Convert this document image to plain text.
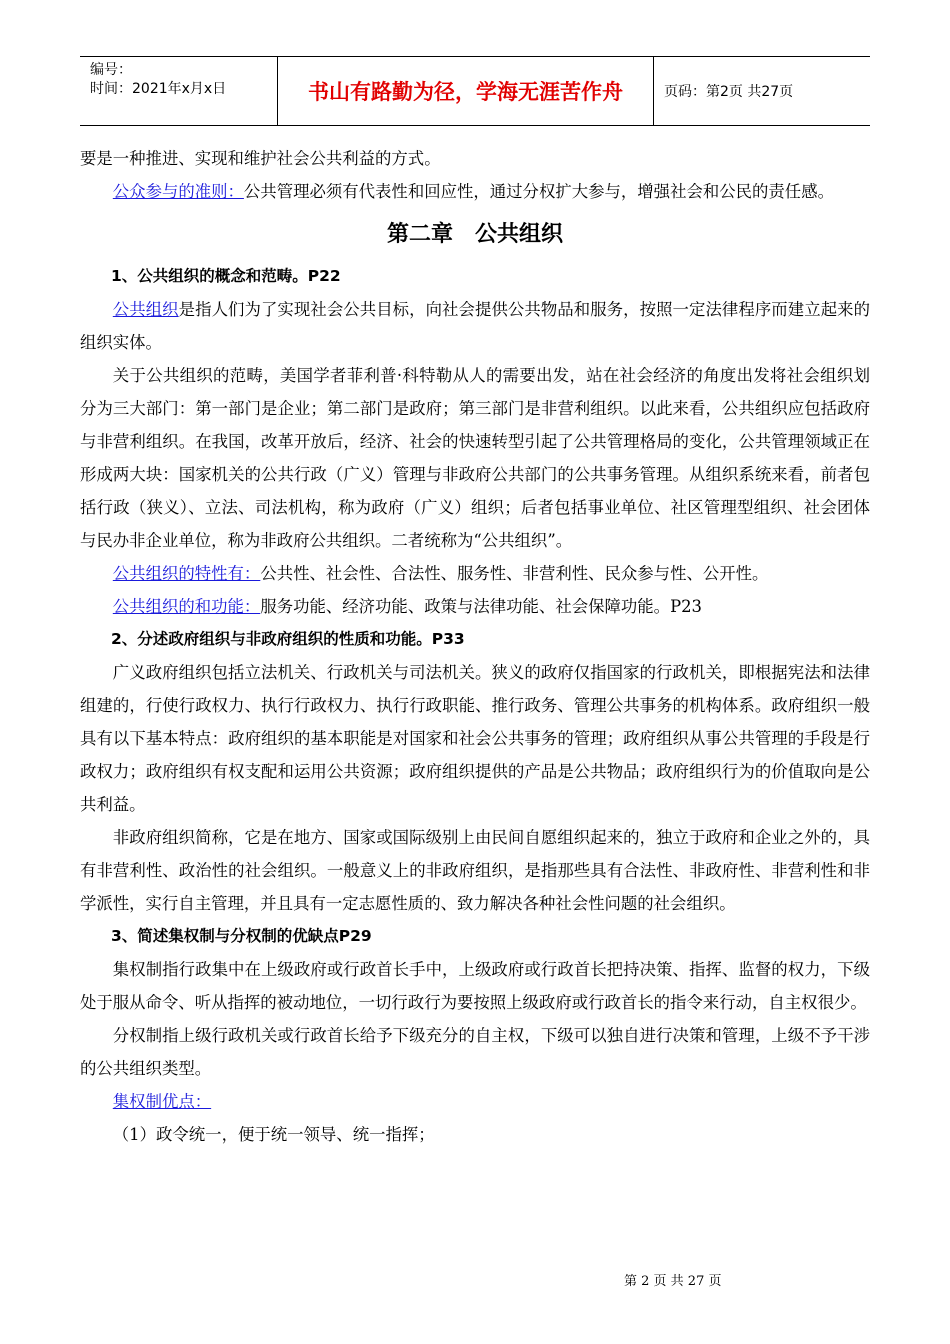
编号：
时间：2021年x月x日	书山有路勤为径，学海无涯苦作舟	页码：第2页 共27页

要是一种推进、实现和维护社会公共利益的方式。

公众参与的准则：公共管理必须有代表性和回应性，通过分权扩大参与，增强社会和公民的责任感。

第二章　公共组织

1、公共组织的概念和范畴。P22

公共组织是指人们为了实现社会公共目标，向社会提供公共物品和服务，按照一定法律程序而建立起来的组织实体。

关于公共组织的范畴，美国学者菲利普·科特勒从人的需要出发，站在社会经济的角度出发将社会组织划分为三大部门：第一部门是企业；第二部门是政府；第三部门是非营利组织。以此来看，公共组织应包括政府与非营利组织。在我国，改革开放后，经济、社会的快速转型引起了公共管理格局的变化，公共管理领域正在形成两大块：国家机关的公共行政（广义）管理与非政府公共部门的公共事务管理。从组织系统来看，前者包括行政（狭义）、立法、司法机构，称为政府（广义）组织；后者包括事业单位、社区管理型组织、社会团体与民办非企业单位，称为非政府公共组织。二者统称为“公共组织”。

公共组织的特性有：公共性、社会性、合法性、服务性、非营利性、民众参与性、公开性。

公共组织的和功能：服务功能、经济功能、政策与法律功能、社会保障功能。P23

2、分述政府组织与非政府组织的性质和功能。P33

广义政府组织包括立法机关、行政机关与司法机关。狭义的政府仅指国家的行政机关，即根据宪法和法律组建的，行使行政权力、执行行政权力、执行行政职能、推行政务、管理公共事务的机构体系。政府组织一般具有以下基本特点：政府组织的基本职能是对国家和社会公共事务的管理；政府组织从事公共管理的手段是行政权力；政府组织有权支配和运用公共资源；政府组织提供的产品是公共物品；政府组织行为的价值取向是公共利益。

非政府组织简称，它是在地方、国家或国际级别上由民间自愿组织起来的，独立于政府和企业之外的，具有非营利性、政治性的社会组织。一般意义上的非政府组织，是指那些具有合法性、非政府性、非营利性和非学派性，实行自主管理，并且具有一定志愿性质的、致力解决各种社会性问题的社会组织。

3、简述集权制与分权制的优缺点P29

集权制指行政集中在上级政府或行政首长手中，上级政府或行政首长把持决策、指挥、监督的权力，下级处于服从命令、听从指挥的被动地位，一切行政行为要按照上级政府或行政首长的指令来行动，自主权很少。

分权制指上级行政机关或行政首长给予下级充分的自主权，下级可以独自进行决策和管理，上级不予干涉的公共组织类型。

集权制优点：

（1）政令统一，便于统一领导、统一指挥；

第 2 页 共 27 页
